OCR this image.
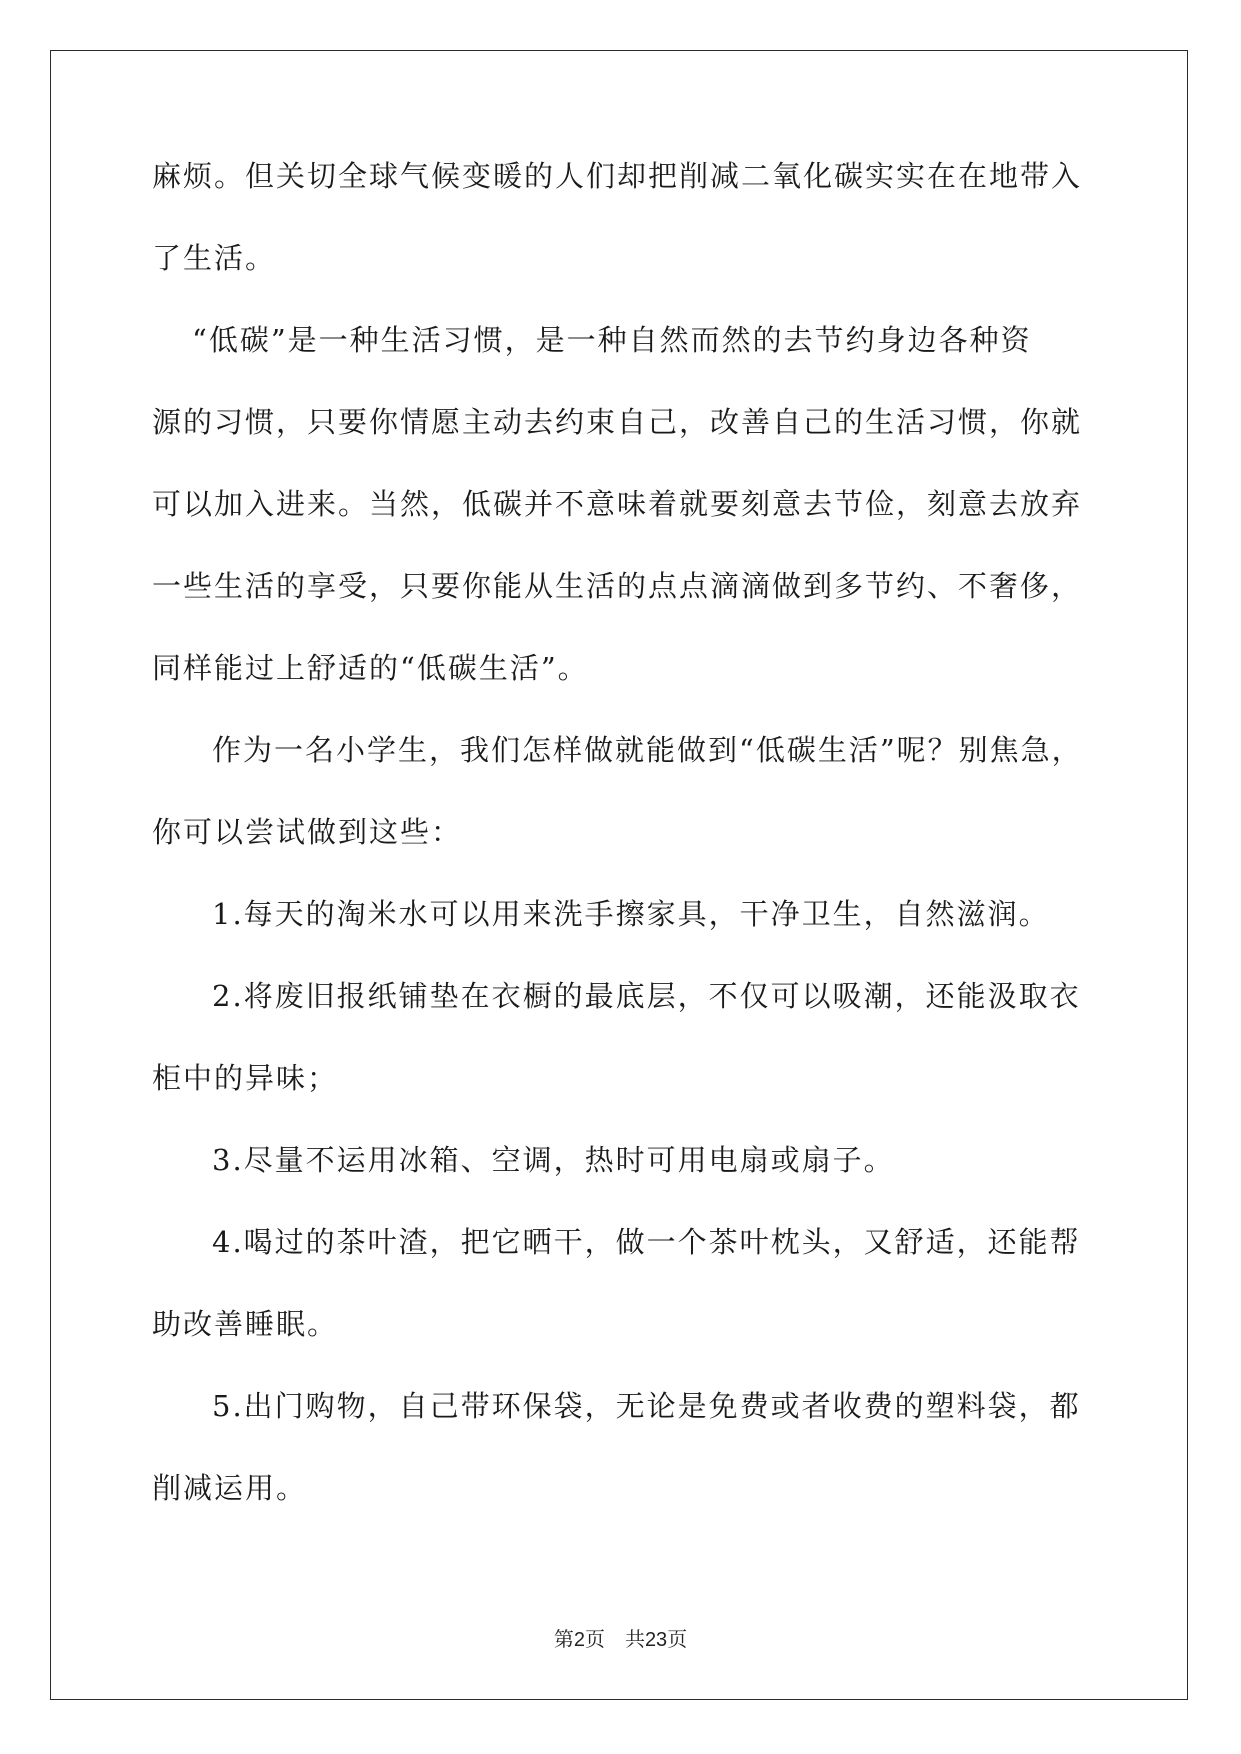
麻烦。但关切全球气候变暖的人们却把削减二氧化碳实实在在地带入
了生活。
“低碳”是一种生活习惯，是一种自然而然的去节约身边各种资
源的习惯，只要你情愿主动去约束自己，改善自己的生活习惯，你就
可以加入进来。当然，低碳并不意味着就要刻意去节俭，刻意去放弃
一些生活的享受，只要你能从生活的点点滴滴做到多节约、不奢侈，
同样能过上舒适的“低碳生活”。
作为一名小学生，我们怎样做就能做到“低碳生活”呢？别焦急，
你可以尝试做到这些：
1.每天的淘米水可以用来洗手擦家具，干净卫生，自然滋润。
2.将废旧报纸铺垫在衣橱的最底层，不仅可以吸潮，还能汲取衣
柜中的异味；
3.尽量不运用冰箱、空调，热时可用电扇或扇子。
4.喝过的茶叶渣，把它晒干，做一个茶叶枕头，又舒适，还能帮
助改善睡眠。
5.出门购物，自己带环保袋，无论是免费或者收费的塑料袋，都
削减运用。
第2页 共23页
